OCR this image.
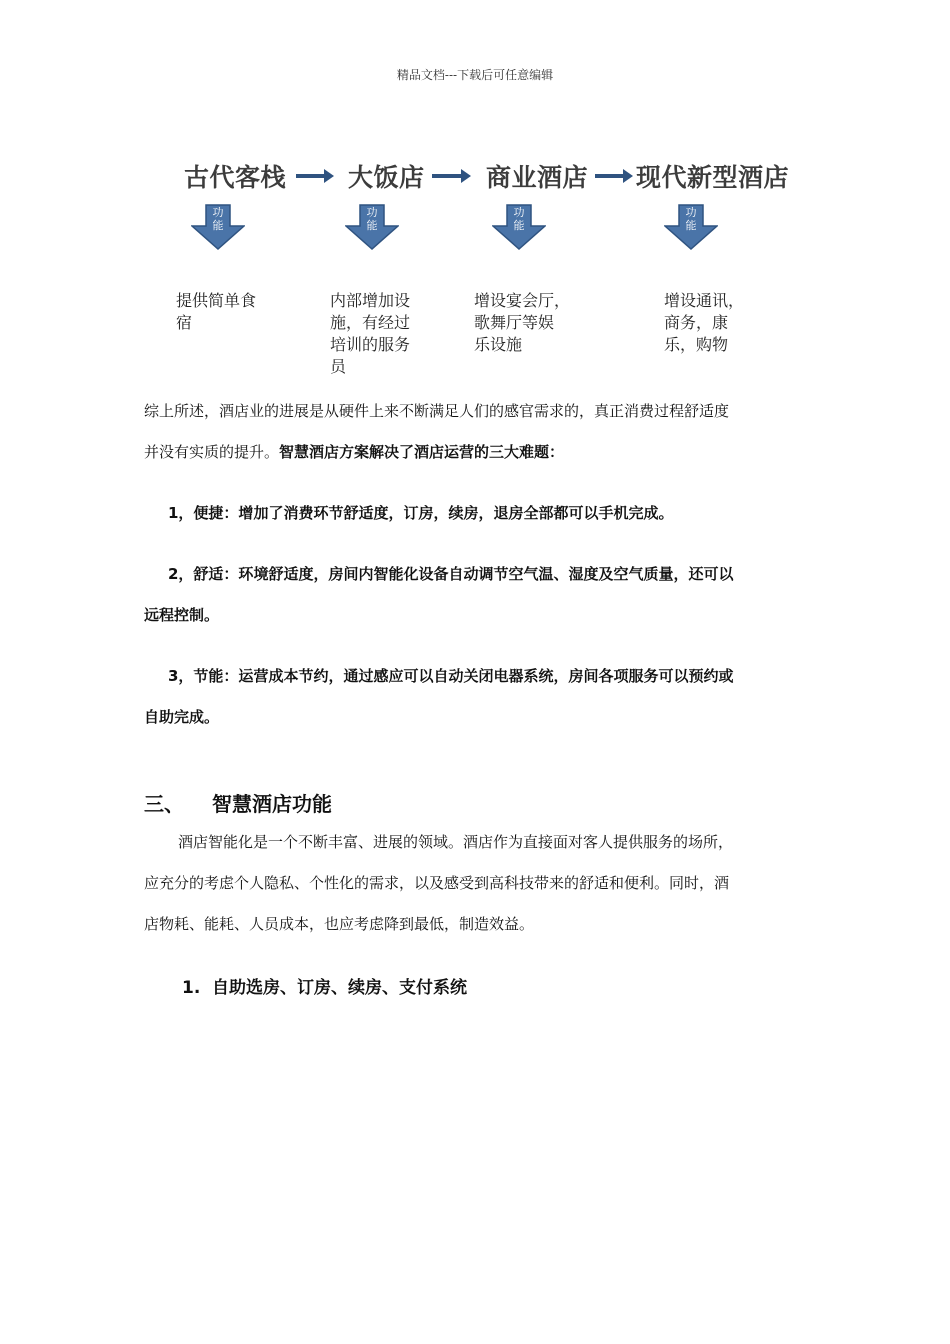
精品文档---下载后可任意编辑
古代客栈 大饭店 商业酒店 现代新型酒店
功
能
功
能
功
能
功
能
提供简单食
宿
内部增加设
施，有经过
培训的服务
员
增设宴会厅，
歌舞厅等娱
乐设施
增设通讯，
商务，康
乐，购物
综上所述，酒店业的进展是从硬件上来不断满足人们的感官需求的，真正消费过程舒适度
并没有实质的提升。智慧酒店方案解决了酒店运营的三大难题：
1，便捷：增加了消费环节舒适度，订房，续房，退房全部都可以手机完成。
2，舒适：环境舒适度，房间内智能化设备自动调节空气温、湿度及空气质量，还可以
远程控制。
3，节能：运营成本节约，通过感应可以自动关闭电器系统，房间各项服务可以预约或
自助完成。
三、 智慧酒店功能
酒店智能化是一个不断丰富、进展的领域。酒店作为直接面对客人提供服务的场所，
应充分的考虑个人隐私、个性化的需求，以及感受到高科技带来的舒适和便利。同时，酒
店物耗、能耗、人员成本，也应考虑降到最低，制造效益。
1. 自助选房、订房、续房、支付系统
